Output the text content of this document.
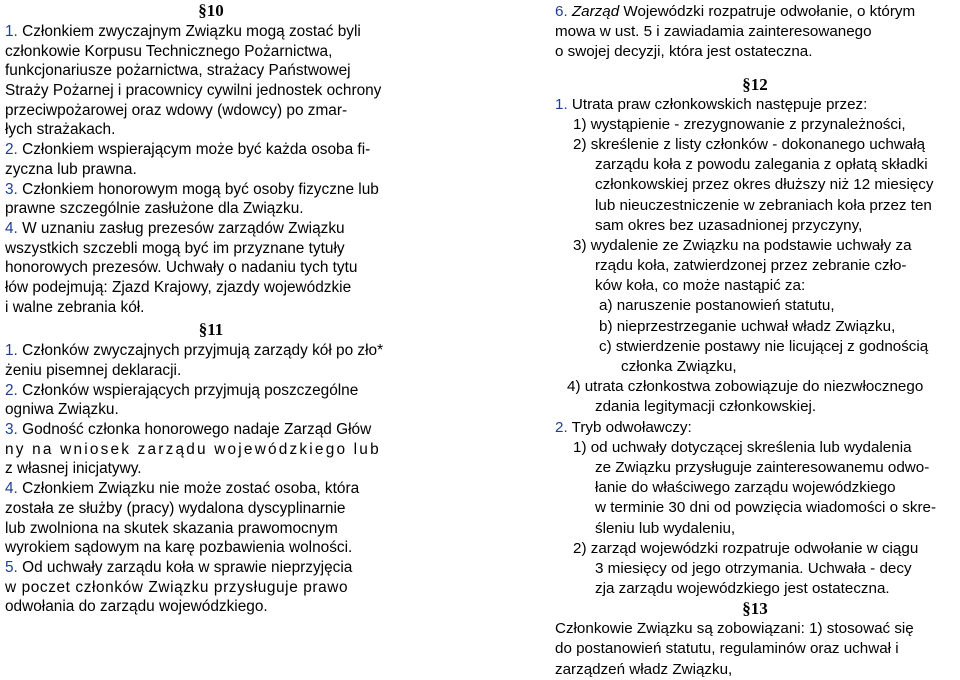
§10
1. Członkiem zwyczajnym Związku mogą zostać byli
członkowie Korpusu Technicznego Pożarnictwa,
funkcjonariusze pożarnictwa, strażacy Państwowej
Straży Pożarnej i pracownicy cywilni jednostek ochrony
przeciwpożarowej oraz wdowy (wdowcy) po zmar-
łych strażakach.
2. Członkiem wspierającym może być każda osoba fi-
zyczna lub prawna.
3. Członkiem honorowym mogą być osoby fizyczne lub
prawne szczególnie zasłużone dla Związku.
4. W uznaniu zasług prezesów zarządów Związku
wszystkich szczebli mogą być im przyznane tytuły
honorowych prezesów. Uchwały o nadaniu tych tytu
łów podejmują: Zjazd Krajowy, zjazdy wojewódzkie
i walne zebrania kół.
§11
1. Członków zwyczajnych przyjmują zarządy kół po zło*
żeniu pisemnej deklaracji.
2. Członków wspierających przyjmują poszczególne
ogniwa Związku.
3. Godność członka honorowego nadaje Zarząd Głów
ny na wniosek zarządu wojewódzkiego lub
z własnej inicjatywy.
4. Członkiem Związku nie może zostać osoba, która
została ze służby (pracy) wydalona dyscyplinarnie
lub zwolniona na skutek skazania prawomocnym
wyrokiem sądowym na karę pozbawienia wolności.
5. Od uchwały zarządu koła w sprawie nieprzyjęcia
w poczet członków Związku przysługuje prawo
odwołania do zarządu wojewódzkiego.
6. Zarząd Wojewódzki rozpatruje odwołanie, o którym
mowa w ust. 5 i zawiadamia zainteresowanego
o swojej decyzji, która jest ostateczna.
§12
1. Utrata praw członkowskich następuje przez:
1) wystąpienie - zrezygnowanie z przynależności,
2) skreślenie z listy członków - dokonanego uchwałą
zarządu koła z powodu zalegania z opłatą składki
członkowskiej przez okres dłuższy niż 12 miesięcy
lub nieuczestniczenie w zebraniach koła przez ten
sam okres bez uzasadnionej przyczyny,
3) wydalenie ze Związku na podstawie uchwały za
rządu koła, zatwierdzonej przez zebranie czło-
ków koła, co może nastąpić za:
a) naruszenie postanowień statutu,
b) nieprzestrzeganie uchwał władz Związku,
c) stwierdzenie postawy nie licującej z godnością
członka Związku,
4) utrata członkostwa zobowiązuje do niezwłocznego
zdania legitymacji członkowskiej.
2. Tryb odwoławczy:
1) od uchwały dotyczącej skreślenia lub wydalenia
ze Związku przysługuje zainteresowanemu odwo-
łanie do właściwego zarządu wojewódzkiego
w terminie 30 dni od powzięcia wiadomości o skre-
śleniu lub wydaleniu,
2) zarząd wojewódzki rozpatruje odwołanie w ciągu
3 miesięcy od jego otrzymania. Uchwała - decy
zja zarządu wojewódzkiego jest ostateczna.
§13
Członkowie Związku są zobowiązani: 1) stosować się
do postanowień statutu, regulaminów oraz uchwał i
zarządzeń władz Związku,
